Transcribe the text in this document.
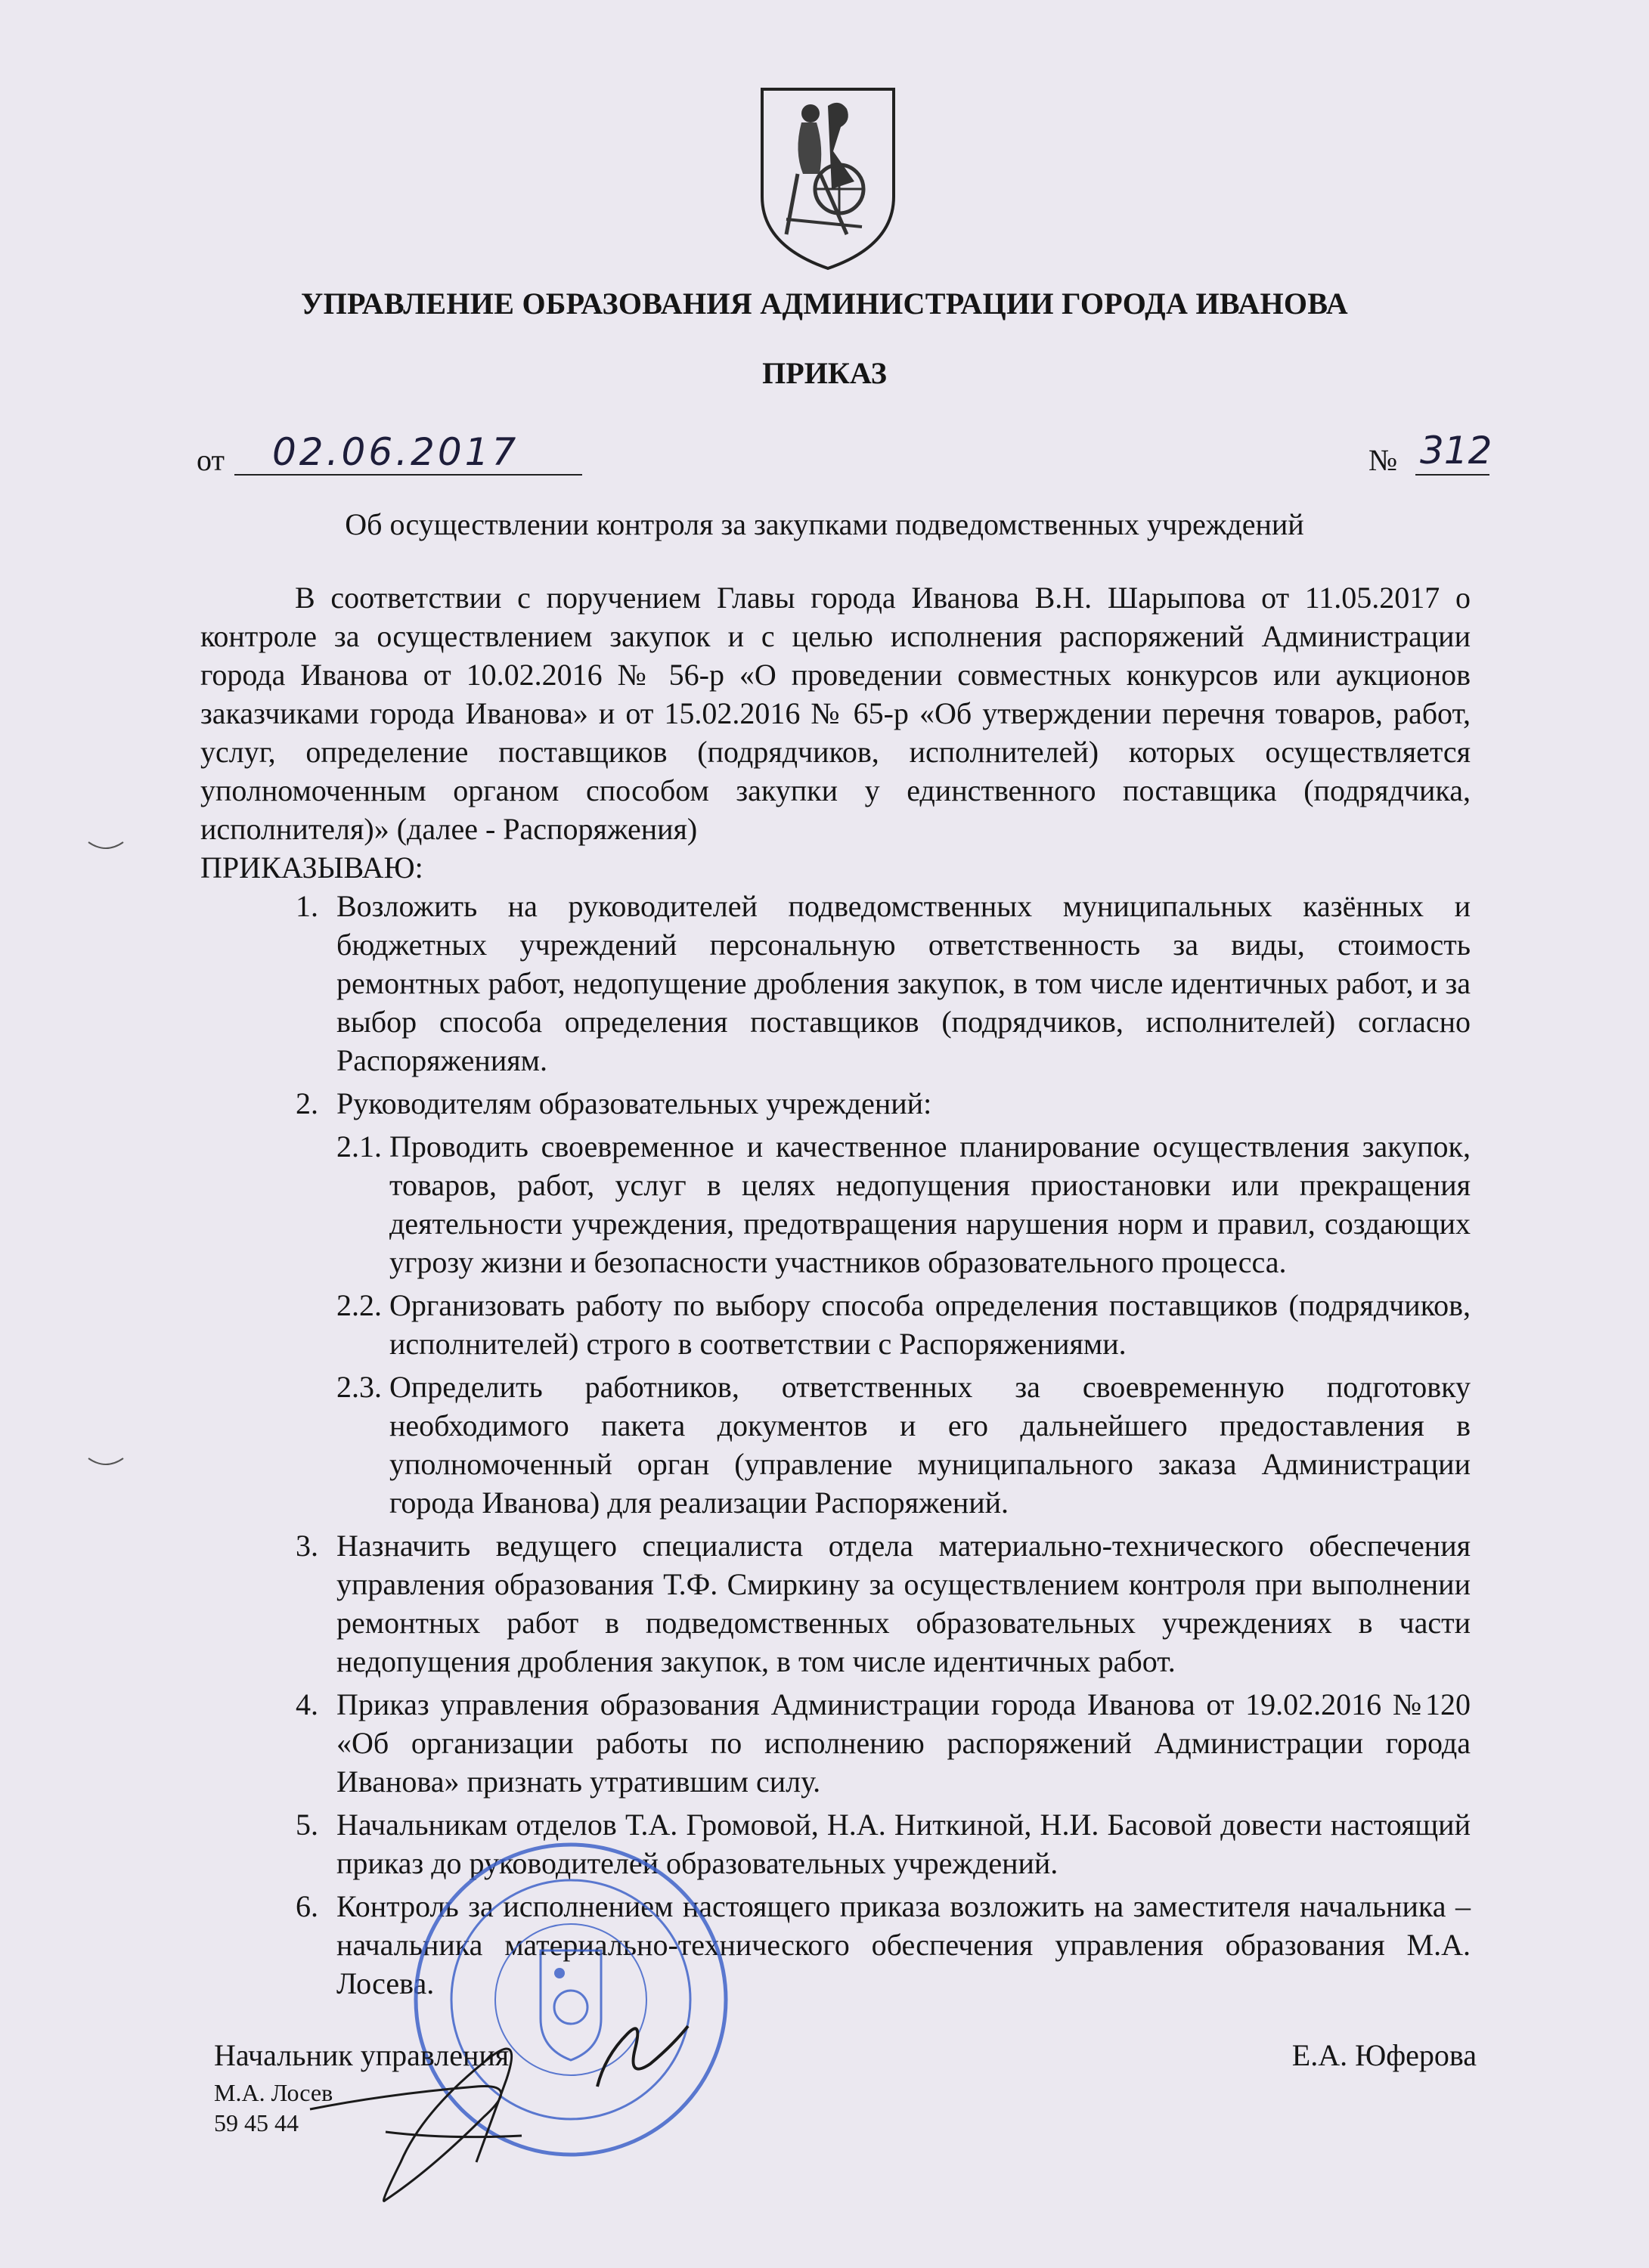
УПРАВЛЕНИЕ ОБРАЗОВАНИЯ АДМИНИСТРАЦИИ ГОРОДА ИВАНОВА
ПРИКАЗ
от 02.06.2017	№ 312
Об осуществлении контроля за закупками подведомственных учреждений

В соответствии с поручением Главы города Иванова В.Н. Шарыпова от 11.05.2017 о контроле за осуществлением закупок и с целью исполнения распоряжений Администрации города Иванова от 10.02.2016 № 56-р «О проведении совместных конкурсов или аукционов заказчиками города Иванова» и от 15.02.2016 № 65-р «Об утверждении перечня товаров, работ, услуг, определение поставщиков (подрядчиков, исполнителей) которых осуществляется уполномоченным органом способом закупки у единственного поставщика (подрядчика, исполнителя)» (далее - Распоряжения)

ПРИКАЗЫВАЮ:

1. Возложить на руководителей подведомственных муниципальных казённых и бюджетных учреждений персональную ответственность за виды, стоимость ремонтных работ, недопущение дробления закупок, в том числе идентичных работ, и за выбор способа определения поставщиков (подрядчиков, исполнителей) согласно Распоряжениям.
2. Руководителям образовательных учреждений:
2.1. Проводить своевременное и качественное планирование осуществления закупок, товаров, работ, услуг в целях недопущения приостановки или прекращения деятельности учреждения, предотвращения нарушения норм и правил, создающих угрозу жизни и безопасности участников образовательного процесса.
2.2. Организовать работу по выбору способа определения поставщиков (подрядчиков, исполнителей) строго в соответствии с Распоряжениями.
2.3. Определить работников, ответственных за своевременную подготовку необходимого пакета документов и его дальнейшего предоставления в уполномоченный орган (управление муниципального заказа Администрации города Иванова) для реализации Распоряжений.
3. Назначить ведущего специалиста отдела материально-технического обеспечения управления образования Т.Ф. Смиркину за осуществлением контроля при выполнении ремонтных работ в подведомственных образовательных учреждениях в части недопущения дробления закупок, в том числе идентичных работ.
4. Приказ управления образования Администрации города Иванова от 19.02.2016 №120 «Об организации работы по исполнению распоряжений Администрации города Иванова» признать утратившим силу.
5. Начальникам отделов Т.А. Громовой, Н.А. Ниткиной, Н.И. Басовой довести настоящий приказ до руководителей образовательных учреждений.
6. Контроль за исполнением настоящего приказа возложить на заместителя начальника – начальника материально-технического обеспечения управления образования М.А. Лосева.
Начальник управления	Е.А. Юферова
М.А. Лосев
59 45 44
